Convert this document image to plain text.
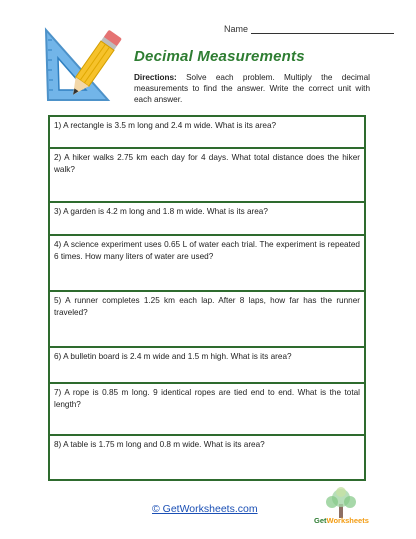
Name
Decimal Measurements
Directions: Solve each problem. Multiply the decimal measurements to find the answer. Write the correct unit with each answer.
1) A rectangle is 3.5 m long and 2.4 m wide. What is its area?
2) A hiker walks 2.75 km each day for 4 days. What total distance does the hiker walk?
3) A garden is 4.2 m long and 1.8 m wide. What is its area?
4) A science experiment uses 0.65 L of water each trial. The experiment is repeated 6 times. How many liters of water are used?
5) A runner completes 1.25 km each lap. After 8 laps, how far has the runner traveled?
6) A bulletin board is 2.4 m wide and 1.5 m high. What is its area?
7) A rope is 0.85 m long. 9 identical ropes are tied end to end. What is the total length?
8) A table is 1.75 m long and 0.8 m wide. What is its area?
© GetWorksheets.com
GetWorksheets
